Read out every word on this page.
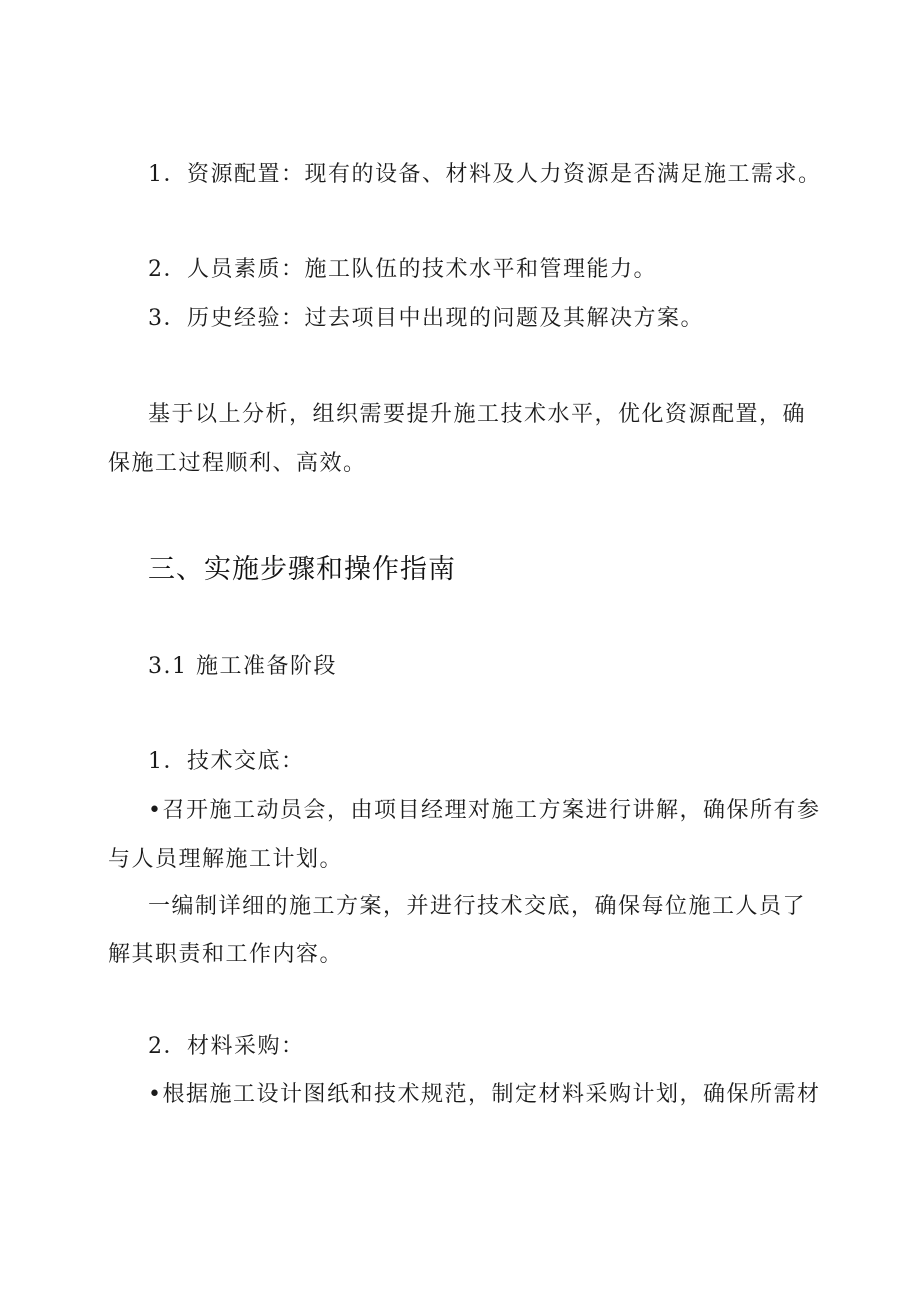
1．资源配置：现有的设备、材料及人力资源是否满足施工需求。
2．人员素质：施工队伍的技术水平和管理能力。
3．历史经验：过去项目中出现的问题及其解决方案。
基于以上分析，组织需要提升施工技术水平，优化资源配置，确
保施工过程顺利、高效。
三、实施步骤和操作指南
3.1 施工准备阶段
1．技术交底：
•召开施工动员会，由项目经理对施工方案进行讲解，确保所有参
与人员理解施工计划。
一编制详细的施工方案，并进行技术交底，确保每位施工人员了
解其职责和工作内容。
2．材料采购：
•根据施工设计图纸和技术规范，制定材料采购计划，确保所需材
